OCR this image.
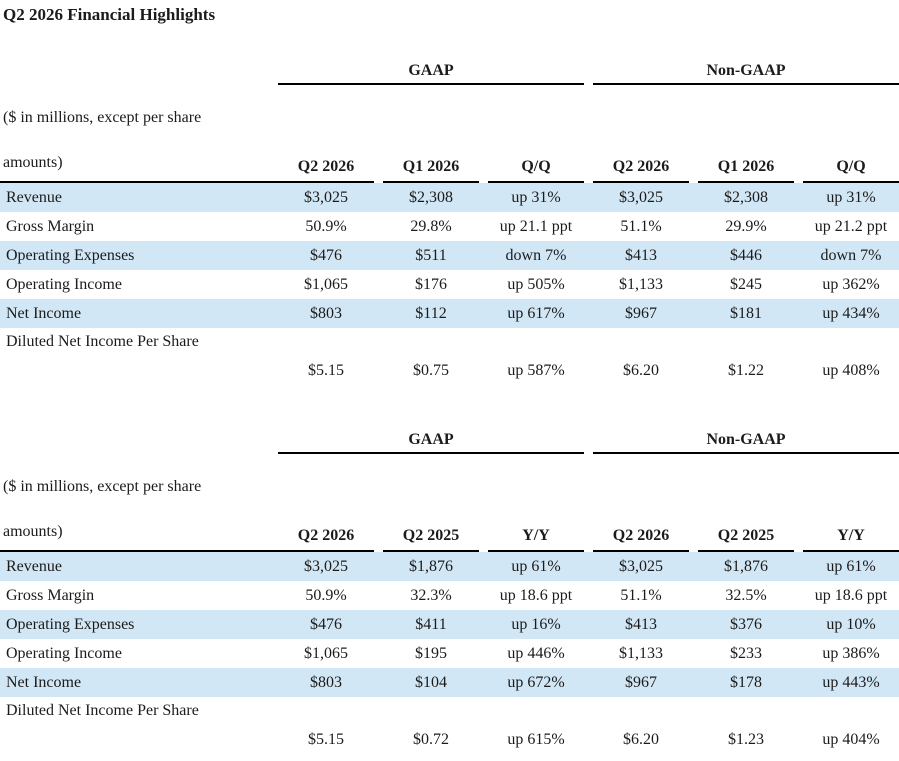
Q2 2026 Financial Highlights
GAAP	Non-GAAP
($ in millions, except per share
amounts)	Q2 2026	Q1 2026	Q/Q	Q2 2026	Q1 2026	Q/Q
Revenue	$3,025	$2,308	up 31%	$3,025	$2,308	up 31%
Gross Margin	50.9%	29.8%	up 21.1 ppt	51.1%	29.9%	up 21.2 ppt
Operating Expenses	$476	$511	down 7%	$413	$446	down 7%
Operating Income	$1,065	$176	up 505%	$1,133	$245	up 362%
Net Income	$803	$112	up 617%	$967	$181	up 434%
Diluted Net Income Per Share
$5.15	$0.75	up 587%	$6.20	$1.22	up 408%
GAAP	Non-GAAP
($ in millions, except per share
amounts)	Q2 2026	Q2 2025	Y/Y	Q2 2026	Q2 2025	Y/Y
Revenue	$3,025	$1,876	up 61%	$3,025	$1,876	up 61%
Gross Margin	50.9%	32.3%	up 18.6 ppt	51.1%	32.5%	up 18.6 ppt
Operating Expenses	$476	$411	up 16%	$413	$376	up 10%
Operating Income	$1,065	$195	up 446%	$1,133	$233	up 386%
Net Income	$803	$104	up 672%	$967	$178	up 443%
Diluted Net Income Per Share
$5.15	$0.72	up 615%	$6.20	$1.23	up 404%
